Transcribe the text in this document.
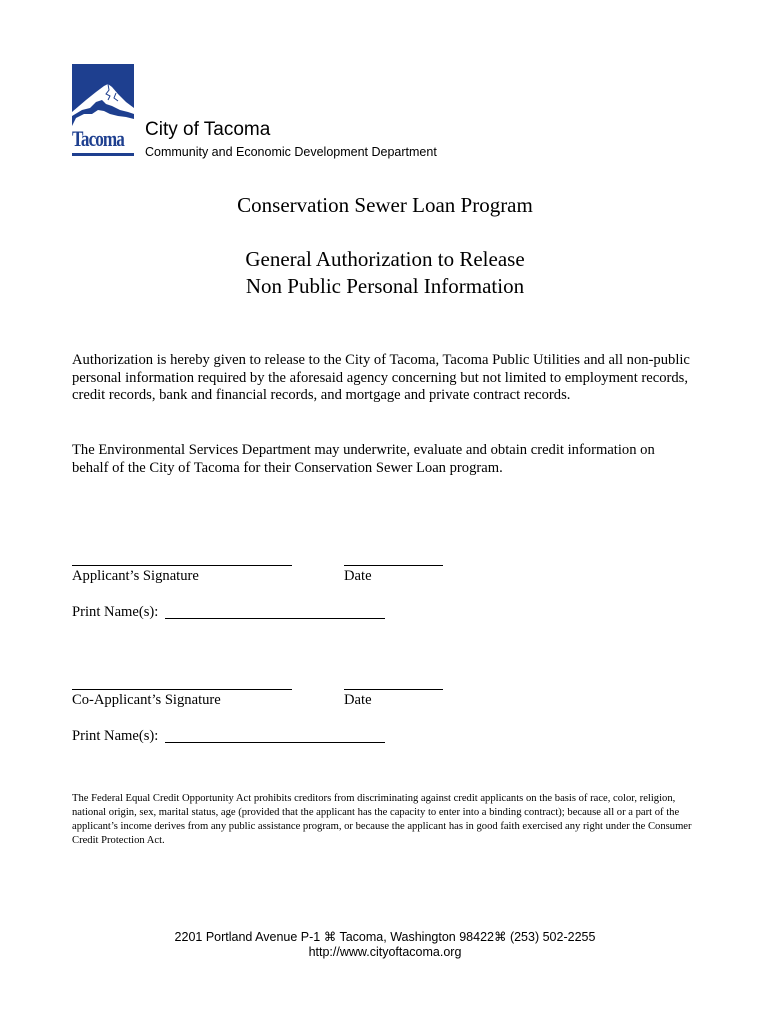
Tacoma City of Tacoma
Community and Economic Development Department
Conservation Sewer Loan Program
General Authorization to Release
Non Public Personal Information
Authorization is hereby given to release to the City of Tacoma, Tacoma Public Utilities and all non-public personal information required by the aforesaid agency concerning but not limited to employment records, credit records, bank and financial records, and mortgage and private contract records.
The Environmental Services Department may underwrite, evaluate and obtain credit information on behalf of the City of Tacoma for their Conservation Sewer Loan program.
Applicant’s Signature	Date
Print Name(s):
Co-Applicant’s Signature	Date
Print Name(s):
The Federal Equal Credit Opportunity Act prohibits creditors from discriminating against credit applicants on the basis of race, color, religion, national origin, sex, marital status, age (provided that the applicant has the capacity to enter into a binding contract); because all or a part of the applicant’s income derives from any public assistance program, or because the applicant has in good faith exercised any right under the Consumer Credit Protection Act.
2201 Portland Avenue P-1 ⌘ Tacoma, Washington 98422⌘ (253) 502-2255
http://www.cityoftacoma.org
